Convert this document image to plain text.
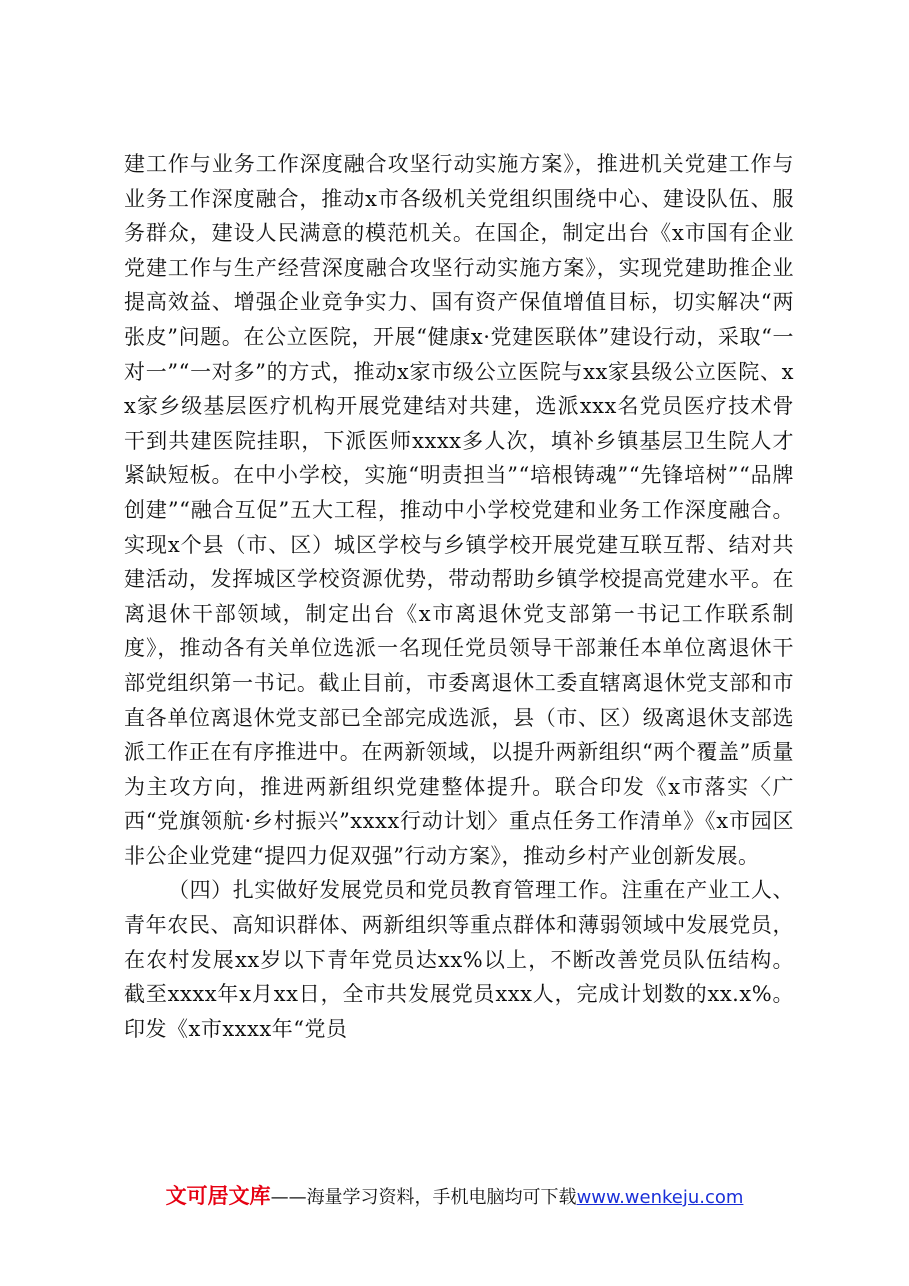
建工作与业务工作深度融合攻坚行动实施方案》，推进机关党建工作与业务工作深度融合，推动x市各级机关党组织围绕中心、建设队伍、服务群众，建设人民满意的模范机关。在国企，制定出台《x市国有企业党建工作与生产经营深度融合攻坚行动实施方案》，实现党建助推企业提高效益、增强企业竞争实力、国有资产保值增值目标，切实解决“两张皮”问题。在公立医院，开展“健康x·党建医联体”建设行动，采取“一对一”“一对多”的方式，推动x家市级公立医院与xx家县级公立医院、xx家乡级基层医疗机构开展党建结对共建，选派xxx名党员医疗技术骨干到共建医院挂职，下派医师xxxx多人次，填补乡镇基层卫生院人才紧缺短板。在中小学校，实施“明责担当”“培根铸魂”“先锋培树”“品牌创建”“融合互促”五大工程，推动中小学校党建和业务工作深度融合。实现x个县（市、区）城区学校与乡镇学校开展党建互联互帮、结对共建活动，发挥城区学校资源优势，带动帮助乡镇学校提高党建水平。在离退休干部领域，制定出台《x市离退休党支部第一书记工作联系制度》，推动各有关单位选派一名现任党员领导干部兼任本单位离退休干部党组织第一书记。截止目前，市委离退休工委直辖离退休党支部和市直各单位离退休党支部已全部完成选派，县（市、区）级离退休支部选派工作正在有序推进中。在两新领域，以提升两新组织“两个覆盖”质量为主攻方向，推进两新组织党建整体提升。联合印发《x市落实〈广西“党旗领航·乡村振兴”xxxx行动计划〉重点任务工作清单》《x市园区非公企业党建“提四力促双强”行动方案》，推动乡村产业创新发展。

（四）扎实做好发展党员和党员教育管理工作。注重在产业工人、青年农民、高知识群体、两新组织等重点群体和薄弱领域中发展党员，在农村发展xx岁以下青年党员达xx%以上，不断改善党员队伍结构。截至xxxx年x月xx日，全市共发展党员xxx人，完成计划数的xx.x%。印发《x市xxxx年“党员

文可居文库——海量学习资料，手机电脑均可下载www.wenkeju.com
